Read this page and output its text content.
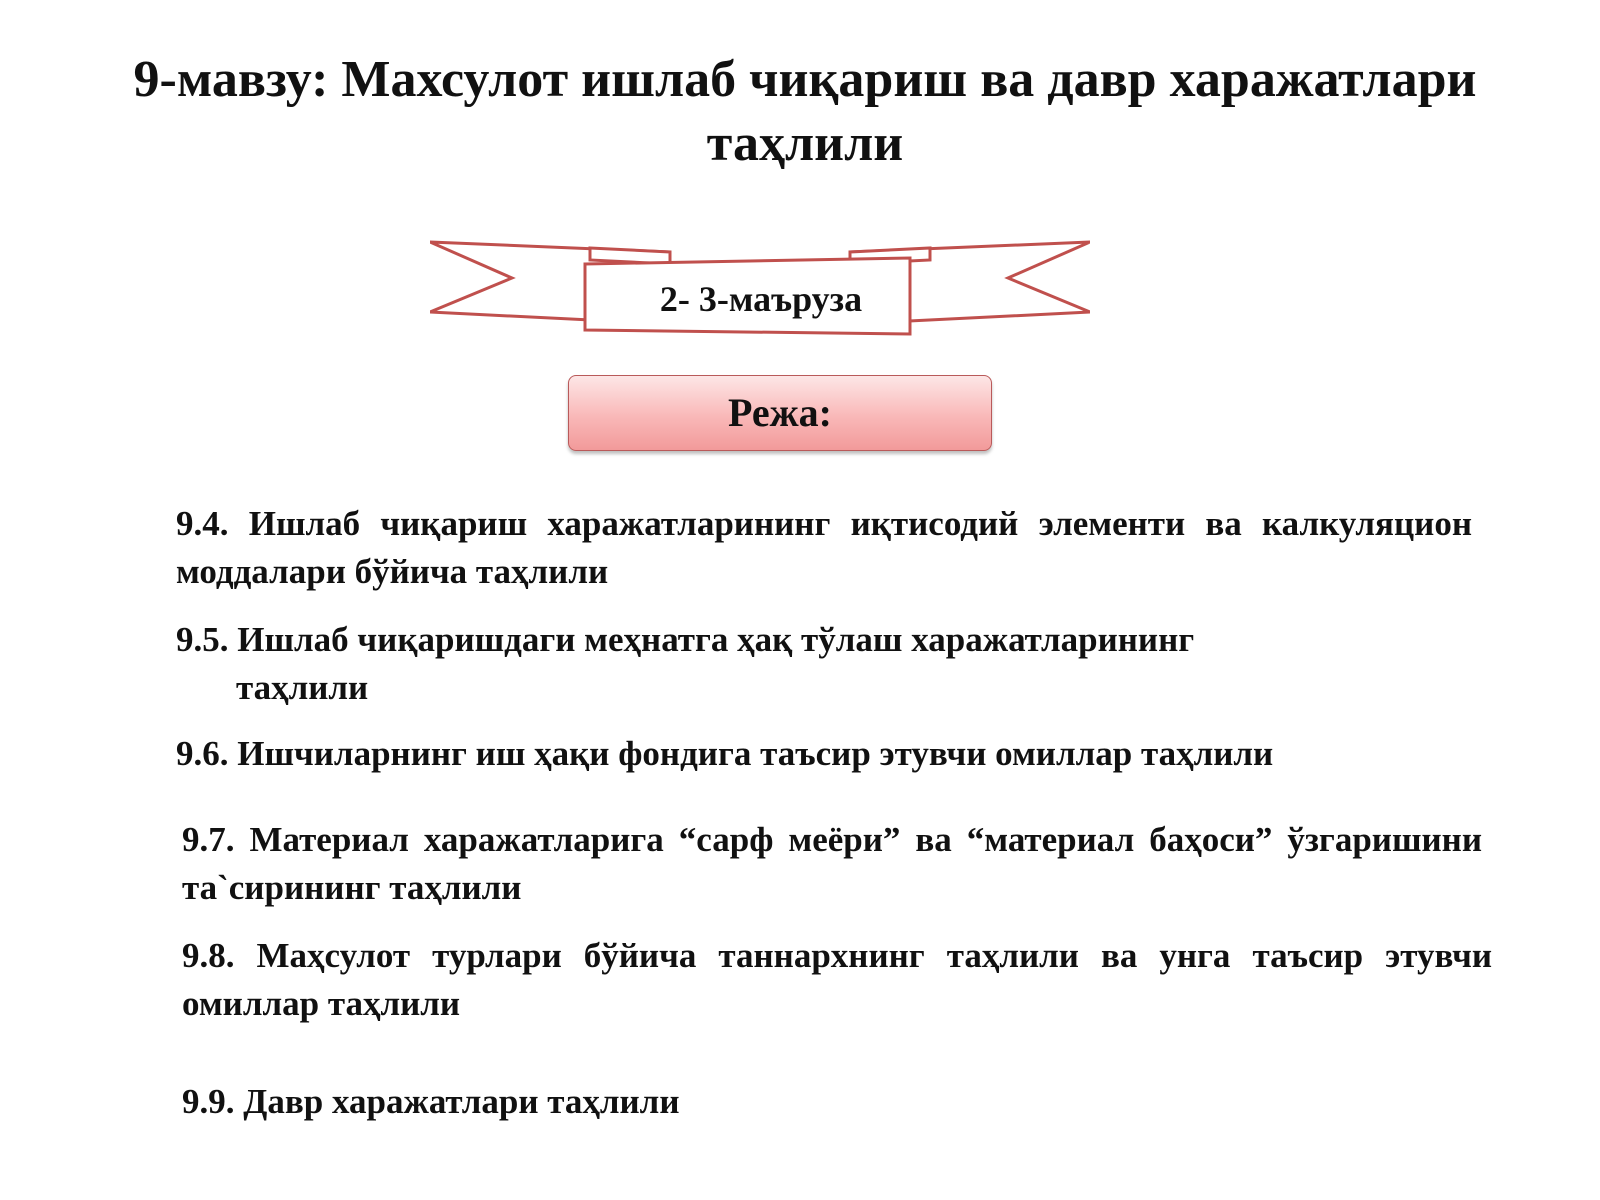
9-мавзу: Махсулот ишлаб чиқариш ва давр харажатлари таҳлили
2- 3-маъруза
Режа:

9.4. Ишлаб чиқариш харажатларининг иқтисодий элементи ва калкуляцион моддалари бўйича таҳлили

9.5. Ишлаб чиқаришдаги меҳнатга ҳақ тўлаш харажатларининг
таҳлили

9.6. Ишчиларнинг иш ҳақи фондига таъсир этувчи омиллар таҳлили

9.7. Материал харажатларига “сарф меёри” ва “материал баҳоси” ўзгаришини та`сирининг таҳлили

9.8. Маҳсулот турлари бўйича таннархнинг таҳлили ва унга таъсир этувчи омиллар таҳлили

9.9. Давр харажатлари таҳлили
